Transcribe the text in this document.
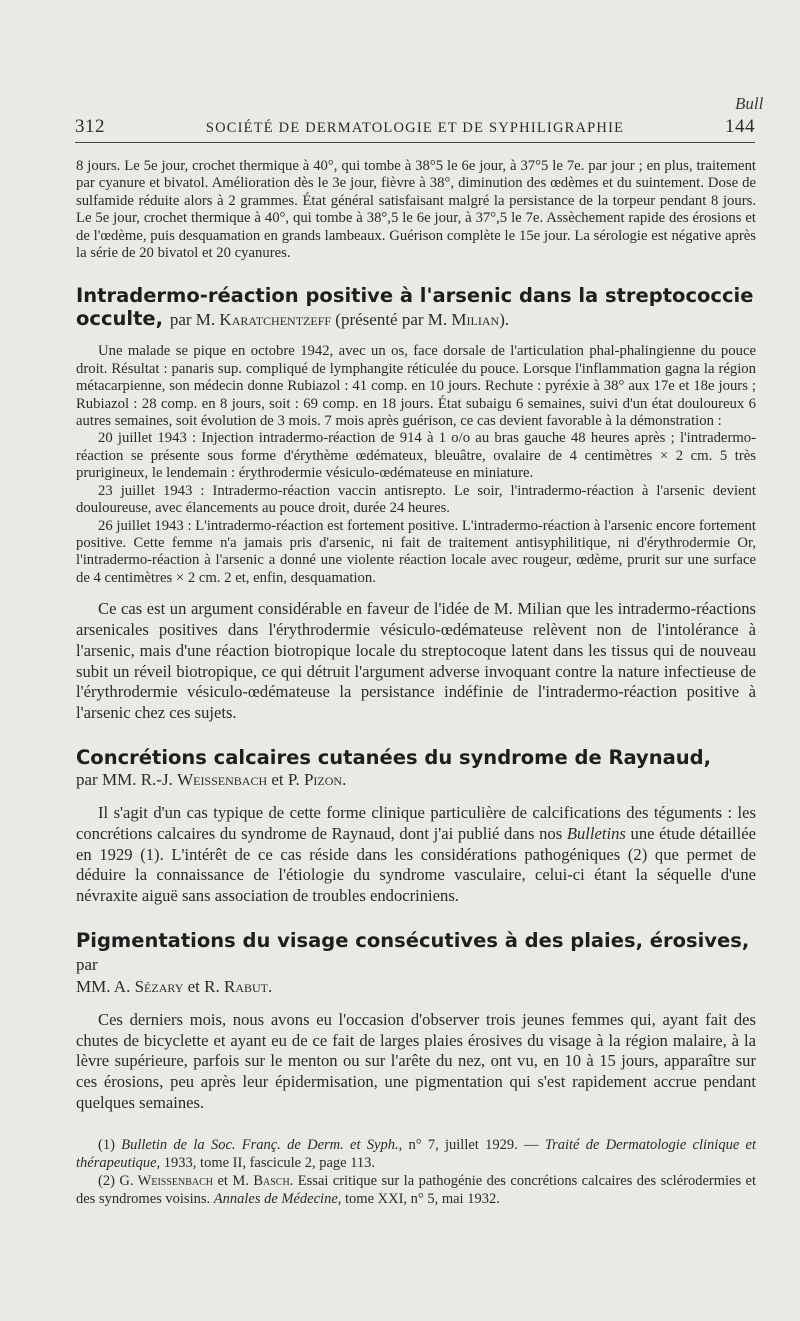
Bull
312	SOCIÉTÉ DE DERMATOLOGIE ET DE SYPHILIGRAPHIE	144

8 jours. Le 5e jour, crochet thermique à 40°, qui tombe à 38°5 le 6e jour, à 37°5 le 7e. par jour ; en plus, traitement par cyanure et bivatol. Amélioration dès le 3e jour, fièvre à 38°, diminution des œdèmes et du suintement. Dose de sulfamide réduite alors à 2 grammes. État général satisfaisant malgré la persistance de la torpeur pendant 8 jours. Le 5e jour, crochet thermique à 40°, qui tombe à 38°,5 le 6e jour, à 37°,5 le 7e. Assèchement rapide des érosions et de l'œdème, puis desquamation en grands lambeaux. Guérison complète le 15e jour. La sérologie est négative après la série de 20 bivatol et 20 cyanures.

Intradermo-réaction positive à l'arsenic dans la streptococcie occulte, par M. Karatchentzeff (présenté par M. Milian).

Une malade se pique en octobre 1942, avec un os, face dorsale de l'articulation phal-phalingienne du pouce droit. Résultat : panaris sup. compliqué de lymphangite réticulée du pouce. Lorsque l'inflammation gagna la région métacarpienne, son médecin donne Rubiazol : 41 comp. en 10 jours. Rechute : pyréxie à 38° aux 17e et 18e jours ; Rubiazol : 28 comp. en 8 jours, soit : 69 comp. en 18 jours. État subaigu 6 semaines, suivi d'un état douloureux 6 autres semaines, soit évolution de 3 mois. 7 mois après guérison, ce cas devient favorable à la démonstration :

20 juillet 1943 : Injection intradermo-réaction de 914 à 1 o/o au bras gauche 48 heures après ; l'intradermo-réaction se présente sous forme d'érythème œdémateux, bleuâtre, ovalaire de 4 centimètres × 2 cm. 5 très prurigineux, le lendemain : érythrodermie vésiculo-œdémateuse en miniature.

23 juillet 1943 : Intradermo-réaction vaccin antisrepto. Le soir, l'intradermo-réaction à l'arsenic devient douloureuse, avec élancements au pouce droit, durée 24 heures.

26 juillet 1943 : L'intradermo-réaction est fortement positive. L'intradermo-réaction à l'arsenic encore fortement positive. Cette femme n'a jamais pris d'arsenic, ni fait de traitement antisyphilitique, ni d'érythrodermie Or, l'intradermo-réaction à l'arsenic a donné une violente réaction locale avec rougeur, œdème, prurit sur une surface de 4 centimètres × 2 cm. 2 et, enfin, desquamation.

Ce cas est un argument considérable en faveur de l'idée de M. Milian que les intradermo-réactions arsenicales positives dans l'érythrodermie vésiculo-œdémateuse relèvent non de l'intolérance à l'arsenic, mais d'une réaction biotropique locale du streptocoque latent dans les tissus qui de nouveau subit un réveil biotropique, ce qui détruit l'argument adverse invoquant contre la nature infectieuse de l'érythrodermie vésiculo-œdémateuse la persistance indéfinie de l'intradermo-réaction positive à l'arsenic chez ces sujets.

Concrétions calcaires cutanées du syndrome de Raynaud,
par MM. R.-J. Weissenbach et P. Pizon.

Il s'agit d'un cas typique de cette forme clinique particulière de calcifications des téguments : les concrétions calcaires du syndrome de Raynaud, dont j'ai publié dans nos Bulletins une étude détaillée en 1929 (1). L'intérêt de ce cas réside dans les considérations pathogéniques (2) que permet de déduire la connaissance de l'étiologie du syndrome vasculaire, celui-ci étant la séquelle d'une névraxite aiguë sans association de troubles endocriniens.

Pigmentations du visage consécutives à des plaies, érosives, par
MM. A. Sézary et R. Rabut.

Ces derniers mois, nous avons eu l'occasion d'observer trois jeunes femmes qui, ayant fait des chutes de bicyclette et ayant eu de ce fait de larges plaies érosives du visage à la région malaire, à la lèvre supérieure, parfois sur le menton ou sur l'arête du nez, ont vu, en 10 à 15 jours, apparaître sur ces érosions, peu après leur épidermisation, une pigmentation qui s'est rapidement accrue pendant quelques semaines.

(1) Bulletin de la Soc. Franç. de Derm. et Syph., n° 7, juillet 1929. — Traité de Dermatologie clinique et thérapeutique, 1933, tome II, fascicule 2, page 113.

(2) G. Weissenbach et M. Basch. Essai critique sur la pathogénie des concrétions calcaires des sclérodermies et des syndromes voisins. Annales de Médecine, tome XXI, n° 5, mai 1932.
